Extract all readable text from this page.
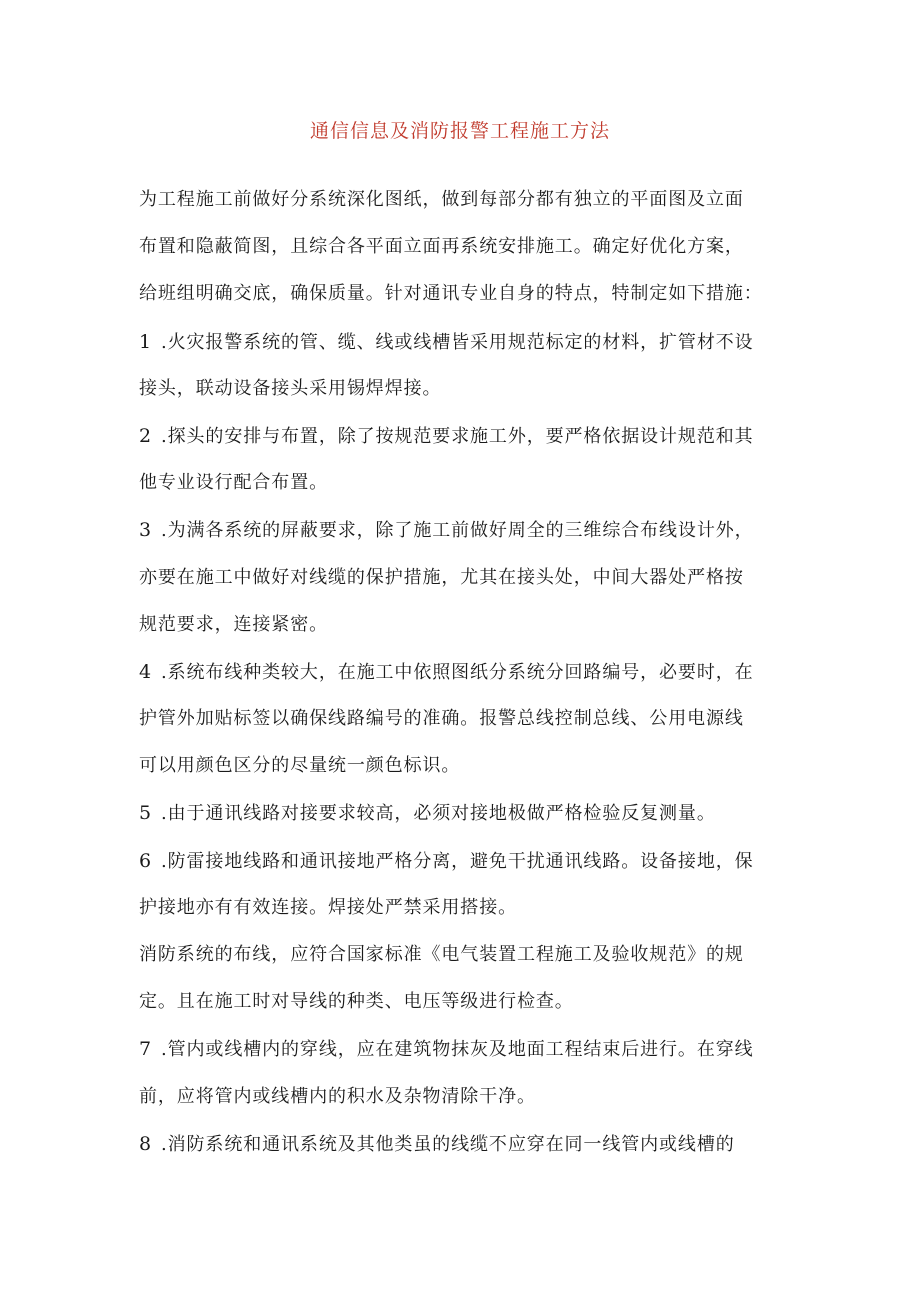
通信信息及消防报警工程施工方法
为工程施工前做好分系统深化图纸，做到每部分都有独立的平面图及立面
布置和隐蔽简图，且综合各平面立面再系统安排施工。确定好优化方案，
给班组明确交底，确保质量。针对通讯专业自身的特点，特制定如下措施：
1 .火灾报警系统的管、缆、线或线槽皆采用规范标定的材料，扩管材不设
接头，联动设备接头采用锡焊焊接。
2 .探头的安排与布置，除了按规范要求施工外，要严格依据设计规范和其
他专业设行配合布置。
3 .为满各系统的屏蔽要求，除了施工前做好周全的三维综合布线设计外，
亦要在施工中做好对线缆的保护措施，尤其在接头处，中间大器处严格按
规范要求，连接紧密。
4 .系统布线种类较大，在施工中依照图纸分系统分回路编号，必要时，在
护管外加贴标签以确保线路编号的准确。报警总线控制总线、公用电源线
可以用颜色区分的尽量统一颜色标识。
5 .由于通讯线路对接要求较高，必须对接地极做严格检验反复测量。
6 .防雷接地线路和通讯接地严格分离，避免干扰通讯线路。设备接地，保
护接地亦有有效连接。焊接处严禁采用搭接。
消防系统的布线，应符合国家标准《电气装置工程施工及验收规范》的规
定。且在施工时对导线的种类、电压等级进行检查。
7 .管内或线槽内的穿线，应在建筑物抹灰及地面工程结束后进行。在穿线
前，应将管内或线槽内的积水及杂物清除干净。
8 .消防系统和通讯系统及其他类虽的线缆不应穿在同一线管内或线槽的
